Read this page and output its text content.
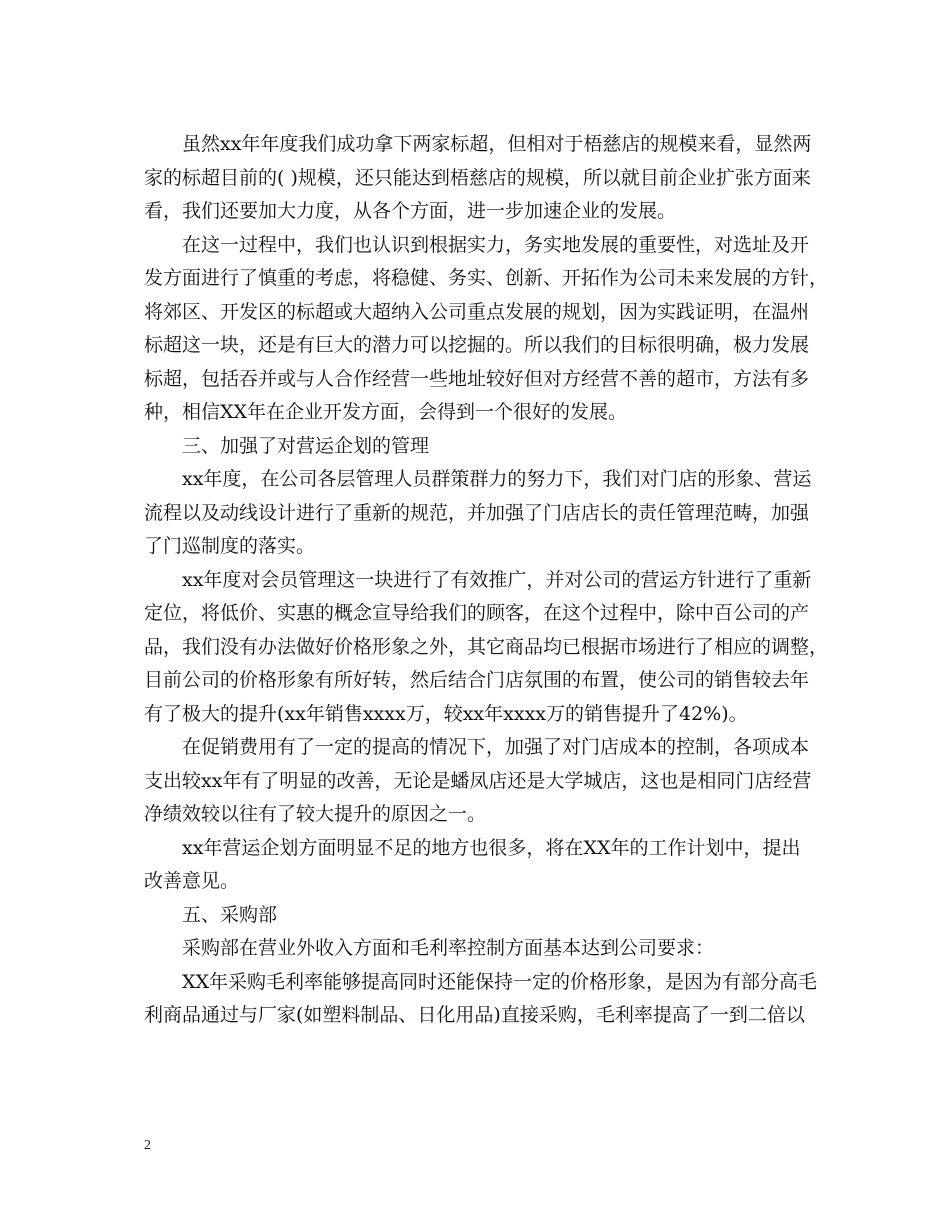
虽然xx年年度我们成功拿下两家标超，但相对于梧慈店的规模来看，显然两
家的标超目前的( )规模，还只能达到梧慈店的规模，所以就目前企业扩张方面来
看，我们还要加大力度，从各个方面，进一步加速企业的发展。

在这一过程中，我们也认识到根据实力，务实地发展的重要性，对选址及开
发方面进行了慎重的考虑，将稳健、务实、创新、开拓作为公司未来发展的方针，
将郊区、开发区的标超或大超纳入公司重点发展的规划，因为实践证明，在温州
标超这一块，还是有巨大的潜力可以挖掘的。所以我们的目标很明确，极力发展
标超，包括吞并或与人合作经营一些地址较好但对方经营不善的超市，方法有多
种，相信XX年在企业开发方面，会得到一个很好的发展。

三、加强了对营运企划的管理

xx年度，在公司各层管理人员群策群力的努力下，我们对门店的形象、营运
流程以及动线设计进行了重新的规范，并加强了门店店长的责任管理范畴，加强
了门巡制度的落实。

xx年度对会员管理这一块进行了有效推广，并对公司的营运方针进行了重新
定位，将低价、实惠的概念宣导给我们的顾客，在这个过程中，除中百公司的产
品，我们没有办法做好价格形象之外，其它商品均已根据市场进行了相应的调整，
目前公司的价格形象有所好转，然后结合门店氛围的布置，使公司的销售较去年
有了极大的提升(xx年销售xxxx万，较xx年xxxx万的销售提升了42%)。

在促销费用有了一定的提高的情况下，加强了对门店成本的控制，各项成本
支出较xx年有了明显的改善，无论是蟠凤店还是大学城店，这也是相同门店经营
净绩效较以往有了较大提升的原因之一。

xx年营运企划方面明显不足的地方也很多，将在XX年的工作计划中，提出
改善意见。

五、采购部

采购部在营业外收入方面和毛利率控制方面基本达到公司要求：

XX年采购毛利率能够提高同时还能保持一定的价格形象，是因为有部分高毛
利商品通过与厂家(如塑料制品、日化用品)直接采购，毛利率提高了一到二倍以

2
